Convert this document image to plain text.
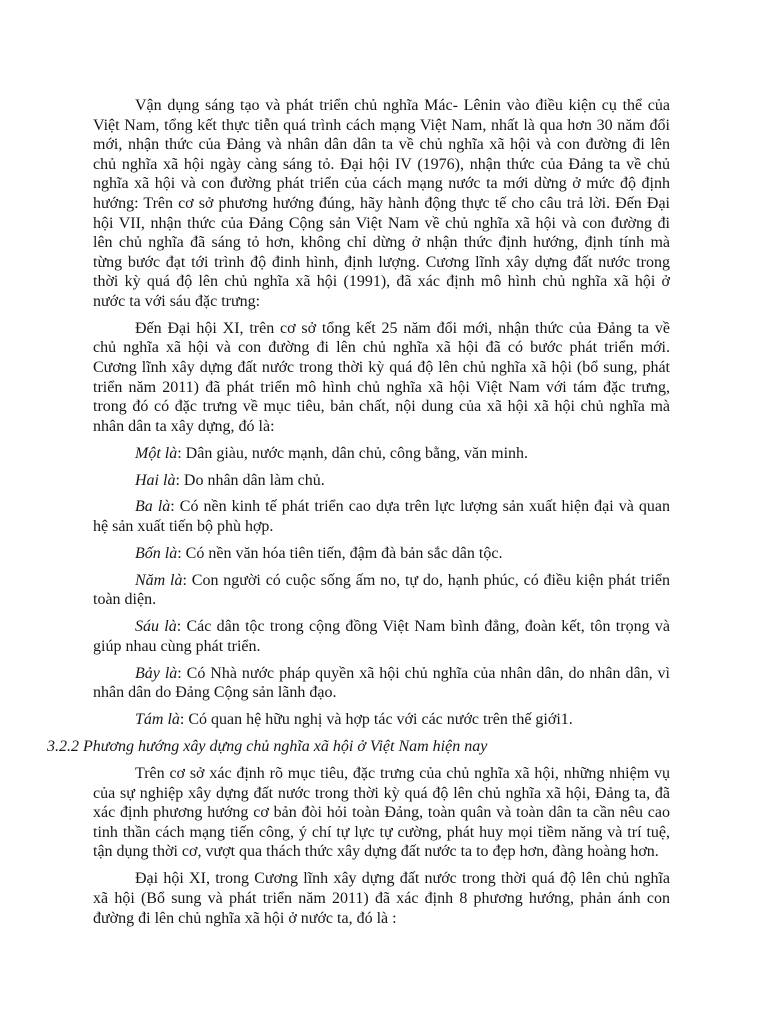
Vận dụng sáng tạo và phát triển chủ nghĩa Mác- Lênin vào điều kiện cụ thể của
Việt Nam, tổng kết thực tiễn quá trình cách mạng Việt Nam, nhất là qua hơn 30 năm đổi
mới, nhận thức của Đảng và nhân dân dân ta về chủ nghĩa xã hội và con đường đi lên
chủ nghĩa xã hội ngày càng sáng tỏ. Đại hội IV (1976), nhận thức của Đảng ta về chủ
nghĩa xã hội và con đường phát triển của cách mạng nước ta mới dừng ở mức độ định
hướng: Trên cơ sở phương hướng đúng, hãy hành động thực tế cho câu trả lời. Đến Đại
hội VII, nhận thức của Đảng Cộng sản Việt Nam về chủ nghĩa xã hội và con đường đi
lên chủ nghĩa đã sáng tỏ hơn, không chỉ dừng ở nhận thức định hướng, định tính mà
từng bước đạt tới trình độ đinh hình, định lượng. Cương lĩnh xây dựng đất nước trong
thời kỳ quá độ lên chủ nghĩa xã hội (1991), đã xác định mô hình chủ nghĩa xã hội ở
nước ta với sáu đặc trưng:
Đến Đại hội XI, trên cơ sở tổng kết 25 năm đổi mới, nhận thức của Đảng ta về
chủ nghĩa xã hội và con đường đi lên chủ nghĩa xã hội đã có bước phát triển mới.
Cương lĩnh xây dựng đất nước trong thời kỳ quá độ lên chủ nghĩa xã hội (bổ sung, phát
triển năm 2011) đã phát triển mô hình chủ nghĩa xã hội Việt Nam với tám đặc trưng,
trong đó có đặc trưng về mục tiêu, bản chất, nội dung của xã hội xã hội chủ nghĩa mà
nhân dân ta xây dựng, đó là:
Một là: Dân giàu, nước mạnh, dân chủ, công bằng, văn minh.
Hai là: Do nhân dân làm chủ.
Ba là: Có nền kinh tế phát triển cao dựa trên lực lượng sản xuất hiện đại và quan
hệ sản xuất tiến bộ phù hợp.
Bốn là: Có nền văn hóa tiên tiến, đậm đà bản sắc dân tộc.
Năm là: Con người có cuộc sống ấm no, tự do, hạnh phúc, có điều kiện phát triển
toàn diện.
Sáu là: Các dân tộc trong cộng đồng Việt Nam bình đẳng, đoàn kết, tôn trọng và
giúp nhau cùng phát triển.
Bảy là: Có Nhà nước pháp quyền xã hội chủ nghĩa của nhân dân, do nhân dân, vì
nhân dân do Đảng Cộng sản lãnh đạo.
Tám là: Có quan hệ hữu nghị và hợp tác với các nước trên thế giới1.
3.2.2 Phương hướng xây dựng chủ nghĩa xã hội ở Việt Nam hiện nay
Trên cơ sở xác định rõ mục tiêu, đặc trưng của chủ nghĩa xã hội, những nhiệm vụ
của sự nghiệp xây dựng đất nước trong thời kỳ quá độ lên chủ nghĩa xã hội, Đảng ta, đã
xác định phương hướng cơ bản đòi hỏi toàn Đảng, toàn quân và toàn dân ta cần nêu cao
tinh thần cách mạng tiến công, ý chí tự lực tự cường, phát huy mọi tiềm năng và trí tuệ,
tận dụng thời cơ, vượt qua thách thức xây dựng đất nước ta to đẹp hơn, đàng hoàng hơn.
Đại hội XI, trong Cương lĩnh xây dựng đất nước trong thời quá độ lên chủ nghĩa
xã hội (Bổ sung và phát triển năm 2011) đã xác định 8 phương hướng, phản ánh con
đường đi lên chủ nghĩa xã hội ở nước ta, đó là :
